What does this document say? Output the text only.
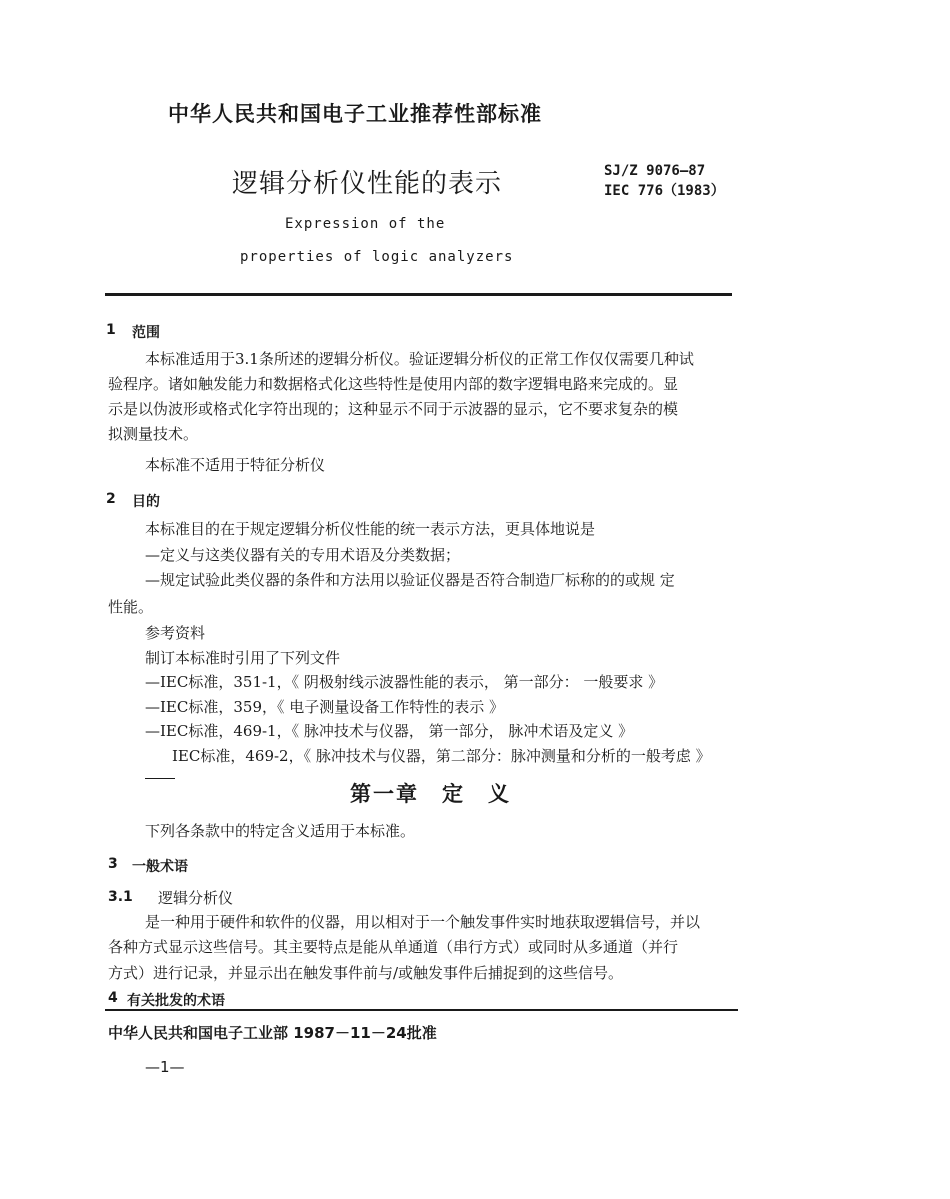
中华人民共和国电子工业推荐性部标准
逻辑分析仪性能的表示	SJ/Z 9076—87
IEC 776（1983）
Expression of the
properties of logic analyzers
1 范围
本标准适用于3.1条所述的逻辑分析仪。验证逻辑分析仪的正常工作仅仅需要几种试
验程序。诸如触发能力和数据格式化这些特性是使用内部的数字逻辑电路来完成的。显
示是以伪波形或格式化字符出现的；这种显示不同于示波器的显示，它不要求复杂的模
拟测量技术。
本标准不适用于特征分析仪
2 目的
本标准目的在于规定逻辑分析仪性能的统一表示方法，更具体地说是
—定义与这类仪器有关的专用术语及分类数据；
—规定试验此类仪器的条件和方法用以验证仪器是否符合制造厂标称的的或规 定
性能。
参考资料
制订本标准时引用了下列文件
—IEC标准，351-1，《 阴极射线示波器性能的表示， 第一部分： 一般要求 》
—IEC标准，359，《 电子测量设备工作特性的表示 》
—IEC标准，469-1，《 脉冲技术与仪器， 第一部分， 脉冲术语及定义 》
IEC标准，469-2，《 脉冲技术与仪器，第二部分：脉冲测量和分析的一般考虑 》
第一章　定　义
下列各条款中的特定含义适用于本标准。
3 一般术语
3.1 逻辑分析仪
是一种用于硬件和软件的仪器，用以相对于一个触发事件实时地获取逻辑信号，并以
各种方式显示这些信号。其主要特点是能从单通道（串行方式）或同时从多通道（并行
方式）进行记录，并显示出在触发事件前与/或触发事件后捕捉到的这些信号。
4 有关批发的术语
中华人民共和国电子工业部 1987－11－24批准
—1—
